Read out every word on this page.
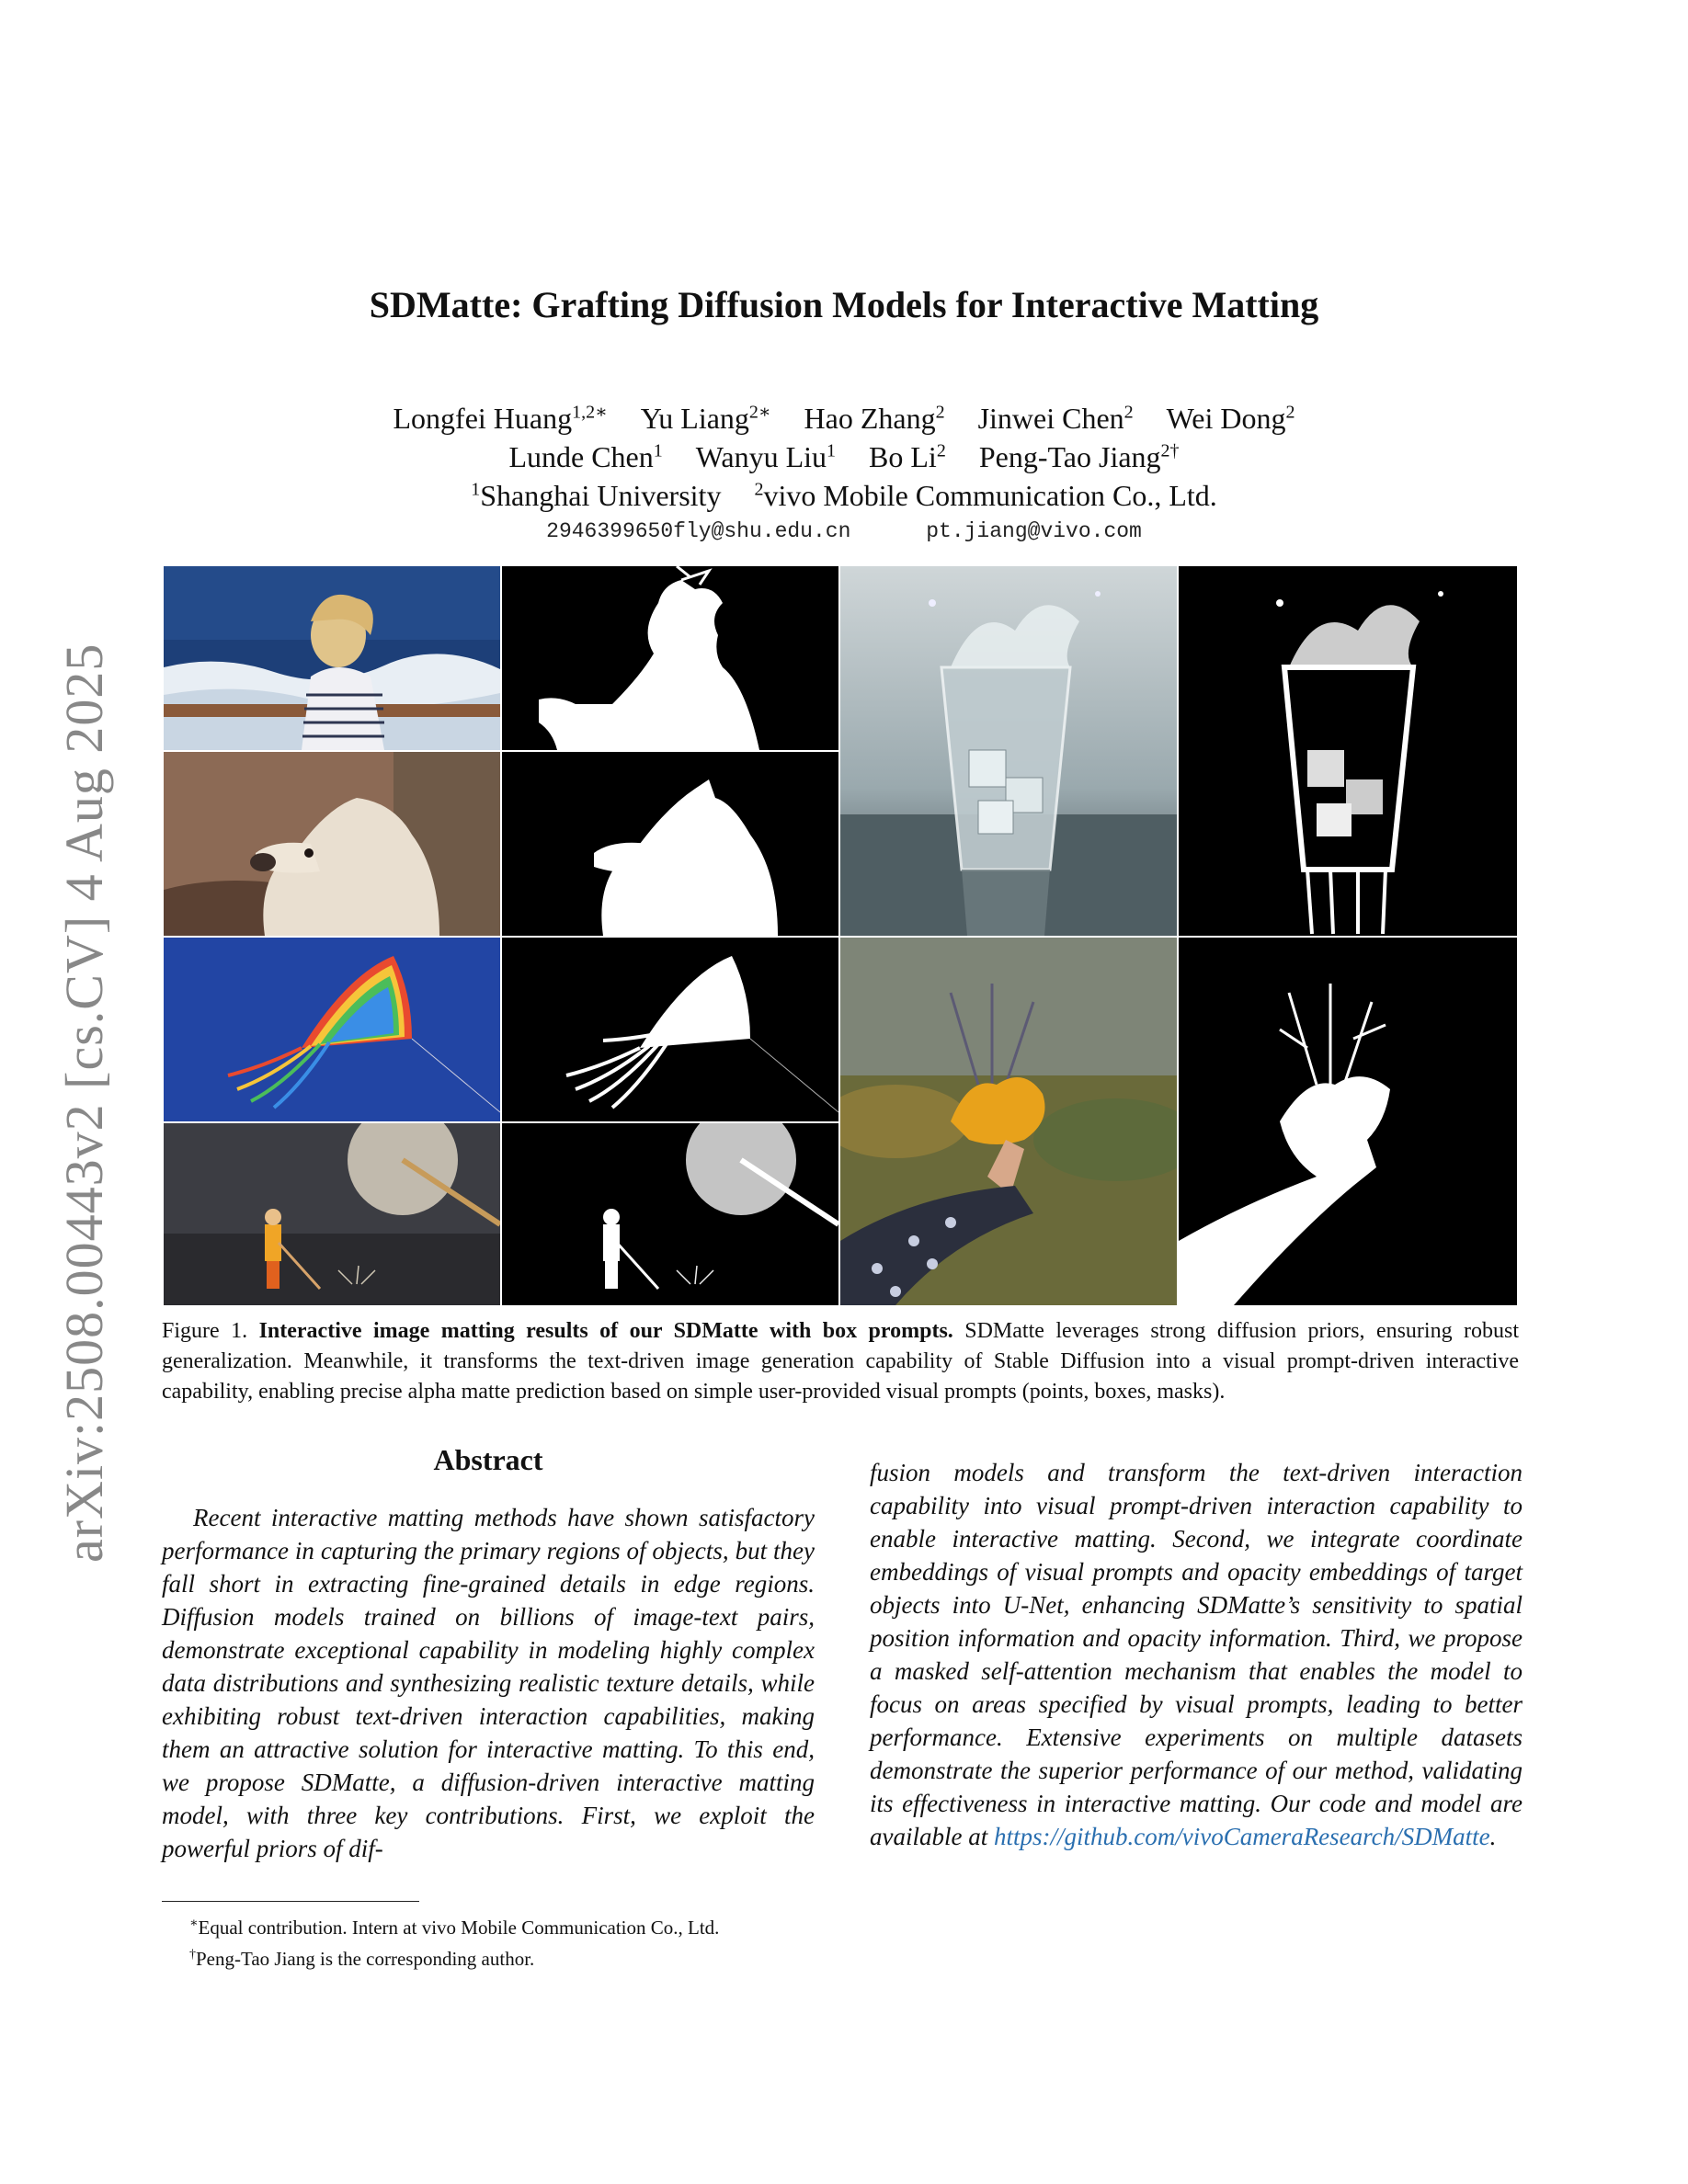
arXiv:2508.00443v2 [cs.CV] 4 Aug 2025
SDMatte: Grafting Diffusion Models for Interactive Matting
Longfei Huang$^{1,2∗}$ Yu Liang$^{2∗}$ Hao Zhang$^2$ Jinwei Chen$^2$ Wei Dong$^2$
Lunde Chen$^1$ Wanyu Liu$^1$ Bo Li$^2$ Peng-Tao Jiang$^{2\dagger}$
$^1$Shanghai University $^2$vivo Mobile Communication Co., Ltd.
2946399650fly@shu.edu.cn	pt.jiang@vivo.com
Figure 1. Interactive image matting results of our SDMatte with box prompts. SDMatte leverages strong diffusion priors, ensuring robust generalization. Meanwhile, it transforms the text-driven image generation capability of Stable Diffusion into a visual prompt-driven interactive capability, enabling precise alpha matte prediction based on simple user-provided visual prompts (points, boxes, masks).
Abstract

Recent interactive matting methods have shown satisfactory performance in capturing the primary regions of objects, but they fall short in extracting fine-grained details in edge regions. Diffusion models trained on billions of image-text pairs, demonstrate exceptional capability in modeling highly complex data distributions and synthesizing realistic texture details, while exhibiting robust text-driven interaction capabilities, making them an attractive solution for interactive matting. To this end, we propose SDMatte, a diffusion-driven interactive matting model, with three key contributions. First, we exploit the powerful priors of dif-

fusion models and transform the text-driven interaction capability into visual prompt-driven interaction capability to enable interactive matting. Second, we integrate coordinate embeddings of visual prompts and opacity embeddings of target objects into U-Net, enhancing SDMatte’s sensitivity to spatial position information and opacity information. Third, we propose a masked self-attention mechanism that enables the model to focus on areas specified by visual prompts, leading to better performance. Extensive experiments on multiple datasets demonstrate the superior performance of our method, validating its effectiveness in interactive matting. Our code and model are available at https://github.com/vivoCameraResearch/SDMatte.

∗Equal contribution. Intern at vivo Mobile Communication Co., Ltd.
†Peng-Tao Jiang is the corresponding author.
